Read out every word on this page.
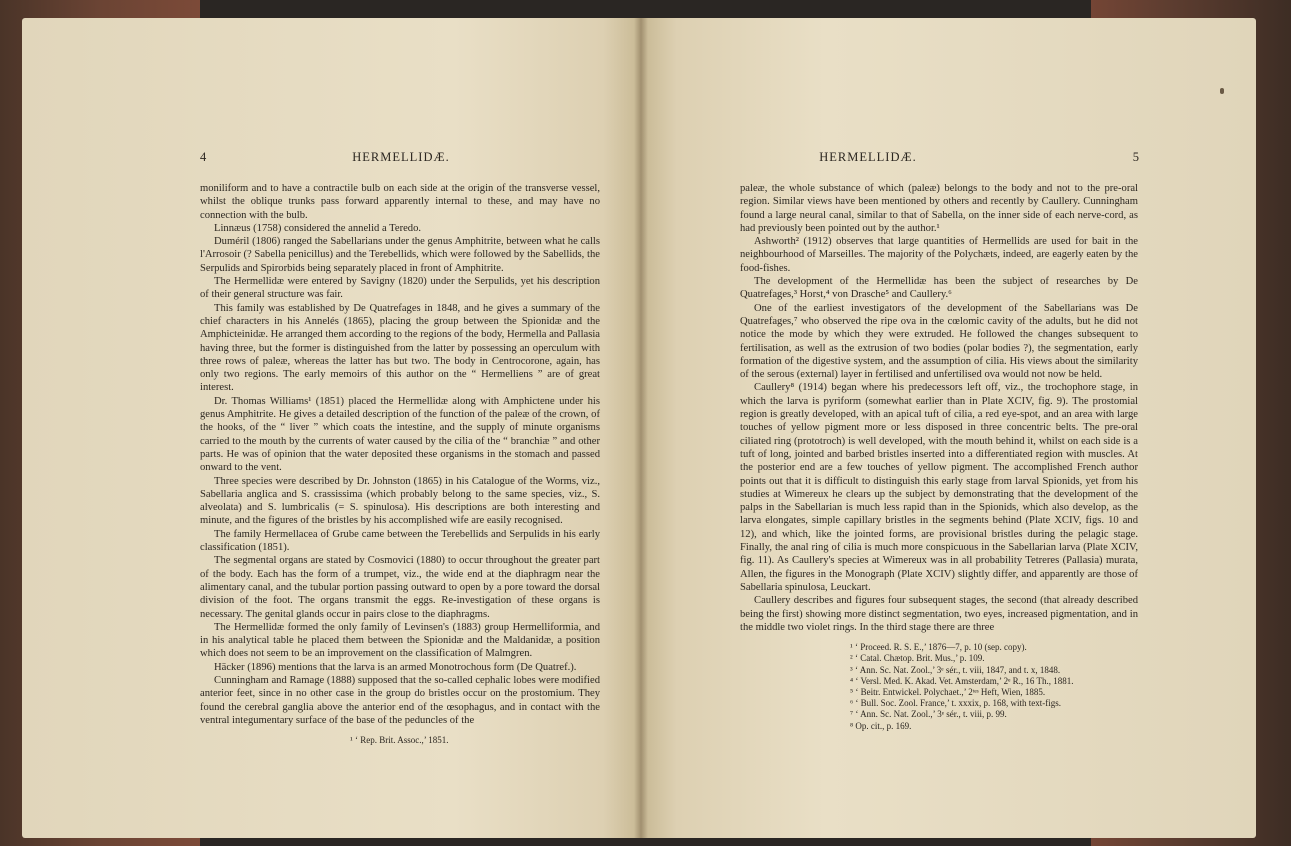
4	HERMELLIDÆ.

moniliform and to have a contractile bulb on each side at the origin of the transverse vessel, whilst the oblique trunks pass forward apparently internal to these, and may have no connection with the bulb.

Linnæus (1758) considered the annelid a Teredo.

Duméril (1806) ranged the Sabellarians under the genus Amphitrite, between what he calls l'Arrosoir (? Sabella penicillus) and the Terebellids, which were followed by the Sabellids, the Serpulids and Spirorbids being separately placed in front of Amphitrite.

The Hermellidæ were entered by Savigny (1820) under the Serpulids, yet his description of their general structure was fair.

This family was established by De Quatrefages in 1848, and he gives a summary of the chief characters in his Annelés (1865), placing the group between the Spionidæ and the Amphicteinidæ. He arranged them according to the regions of the body, Hermella and Pallasia having three, but the former is distinguished from the latter by possessing an operculum with three rows of paleæ, whereas the latter has but two. The body in Centrocorone, again, has only two regions. The early memoirs of this author on the “ Hermelliens ” are of great interest.

Dr. Thomas Williams¹ (1851) placed the Hermellidæ along with Amphictene under his genus Amphitrite. He gives a detailed description of the function of the paleæ of the crown, of the hooks, of the “ liver ” which coats the intestine, and the supply of minute organisms carried to the mouth by the currents of water caused by the cilia of the “ branchiæ ” and other parts. He was of opinion that the water deposited these organisms in the stomach and passed onward to the vent.

Three species were described by Dr. Johnston (1865) in his Catalogue of the Worms, viz., Sabellaria anglica and S. crassissima (which probably belong to the same species, viz., S. alveolata) and S. lumbricalis (= S. spinulosa). His descriptions are both interesting and minute, and the figures of the bristles by his accomplished wife are easily recognised.

The family Hermellacea of Grube came between the Terebellids and Serpulids in his early classification (1851).

The segmental organs are stated by Cosmovici (1880) to occur throughout the greater part of the body. Each has the form of a trumpet, viz., the wide end at the diaphragm near the alimentary canal, and the tubular portion passing outward to open by a pore toward the dorsal division of the foot. The organs transmit the eggs. Re-investigation of these organs is necessary. The genital glands occur in pairs close to the diaphragms.

The Hermellidæ formed the only family of Levinsen's (1883) group Hermelliformia, and in his analytical table he placed them between the Spionidæ and the Maldanidæ, a position which does not seem to be an improvement on the classification of Malmgren.

Häcker (1896) mentions that the larva is an armed Monotrochous form (De Quatref.).

Cunningham and Ramage (1888) supposed that the so-called cephalic lobes were modified anterior feet, since in no other case in the group do bristles occur on the prostomium. They found the cerebral ganglia above the anterior end of the œsophagus, and in contact with the ventral integumentary surface of the base of the peduncles of the

¹ ‘ Rep. Brit. Assoc.,’ 1851.
HERMELLIDÆ.	5

paleæ, the whole substance of which (paleæ) belongs to the body and not to the pre-oral region. Similar views have been mentioned by others and recently by Caullery. Cunningham found a large neural canal, similar to that of Sabella, on the inner side of each nerve-cord, as had previously been pointed out by the author.¹

Ashworth² (1912) observes that large quantities of Hermellids are used for bait in the neighbourhood of Marseilles. The majority of the Polychæts, indeed, are eagerly eaten by the food-fishes.

The development of the Hermellidæ has been the subject of researches by De Quatrefages,³ Horst,⁴ von Drasche⁵ and Caullery.⁶

One of the earliest investigators of the development of the Sabellarians was De Quatrefages,⁷ who observed the ripe ova in the cœlomic cavity of the adults, but he did not notice the mode by which they were extruded. He followed the changes subsequent to fertilisation, as well as the extrusion of two bodies (polar bodies ?), the segmentation, early formation of the digestive system, and the assumption of cilia. His views about the similarity of the serous (external) layer in fertilised and unfertilised ova would not now be held.

Caullery⁸ (1914) began where his predecessors left off, viz., the trochophore stage, in which the larva is pyriform (somewhat earlier than in Plate XCIV, fig. 9). The prostomial region is greatly developed, with an apical tuft of cilia, a red eye-spot, and an area with large touches of yellow pigment more or less disposed in three concentric belts. The pre-oral ciliated ring (prototroch) is well developed, with the mouth behind it, whilst on each side is a tuft of long, jointed and barbed bristles inserted into a differentiated region with muscles. At the posterior end are a few touches of yellow pigment. The accomplished French author points out that it is difficult to distinguish this early stage from larval Spionids, yet from his studies at Wimereux he clears up the subject by demonstrating that the development of the palps in the Sabellarian is much less rapid than in the Spionids, which also develop, as the larva elongates, simple capillary bristles in the segments behind (Plate XCIV, figs. 10 and 12), and which, like the jointed forms, are provisional bristles during the pelagic stage. Finally, the anal ring of cilia is much more conspicuous in the Sabellarian larva (Plate XCIV, fig. 11). As Caullery's species at Wimereux was in all probability Tetreres (Pallasia) murata, Allen, the figures in the Monograph (Plate XCIV) slightly differ, and apparently are those of Sabellaria spinulosa, Leuckart.

Caullery describes and figures four subsequent stages, the second (that already described being the first) showing more distinct segmentation, two eyes, increased pigmentation, and in the middle two violet rings. In the third stage there are three

¹ ‘ Proceed. R. S. E.,’ 1876—7, p. 10 (sep. copy).
² ‘ Catal. Chætop. Brit. Mus.,’ p. 109.
³ ‘ Ann. Sc. Nat. Zool.,’ 3ᵉ sér., t. viii, 1847, and t. x, 1848.
⁴ ‘ Versl. Med. K. Akad. Vet. Amsterdam,’ 2ᵉ R., 16 Th., 1881.
⁵ ‘ Beitr. Entwickel. Polychaet.,’ 2ᵗᵉˢ Heft, Wien, 1885.
⁶ ‘ Bull. Soc. Zool. France,’ t. xxxix, p. 168, with text-figs.
⁷ ‘ Ann. Sc. Nat. Zool.,’ 3ᵉ sér., t. viii, p. 99.
⁸ Op. cit., p. 169.
